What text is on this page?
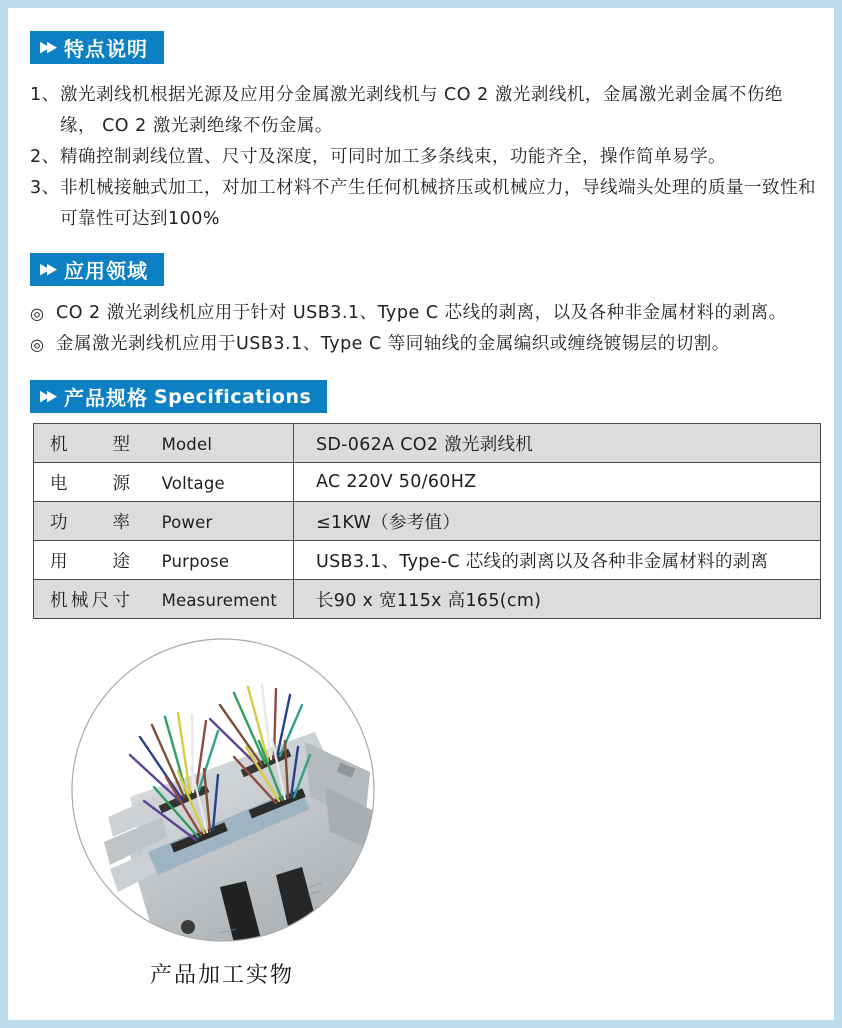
▶▶ 特点说明
1、 激光剥线机根据光源及应用分金属激光剥线机与 CO 2 激光剥线机，金属激光剥金属不伤绝缘， CO 2 激光剥绝缘不伤金属。
2、 精确控制剥线位置、尺寸及深度，可同时加工多条线束，功能齐全，操作简单易学。
3、 非机械接触式加工，对加工材料不产生任何机械挤压或机械应力，导线端头处理的质量一致性和可靠性可达到100%
▶▶ 应用领域
◎ CO 2 激光剥线机应用于针对 USB3.1、Type C 芯线的剥离，以及各种非金属材料的剥离。
◎ 金属激光剥线机应用于USB3.1、Type C 等同轴线的金属编织或缠绕镀锡层的切割。
▶▶ 产品规格 Specifications
机型 Model	SD-062A CO2 激光剥线机
电源 Voltage	AC 220V 50/60HZ
功率 Power	≤1KW（参考值）
用途 Purpose	USB3.1、Type-C 芯线的剥离以及各种非金属材料的剥离
机械尺寸 Measurement	长90 x 宽115x 高165(cm)
产品加工实物
